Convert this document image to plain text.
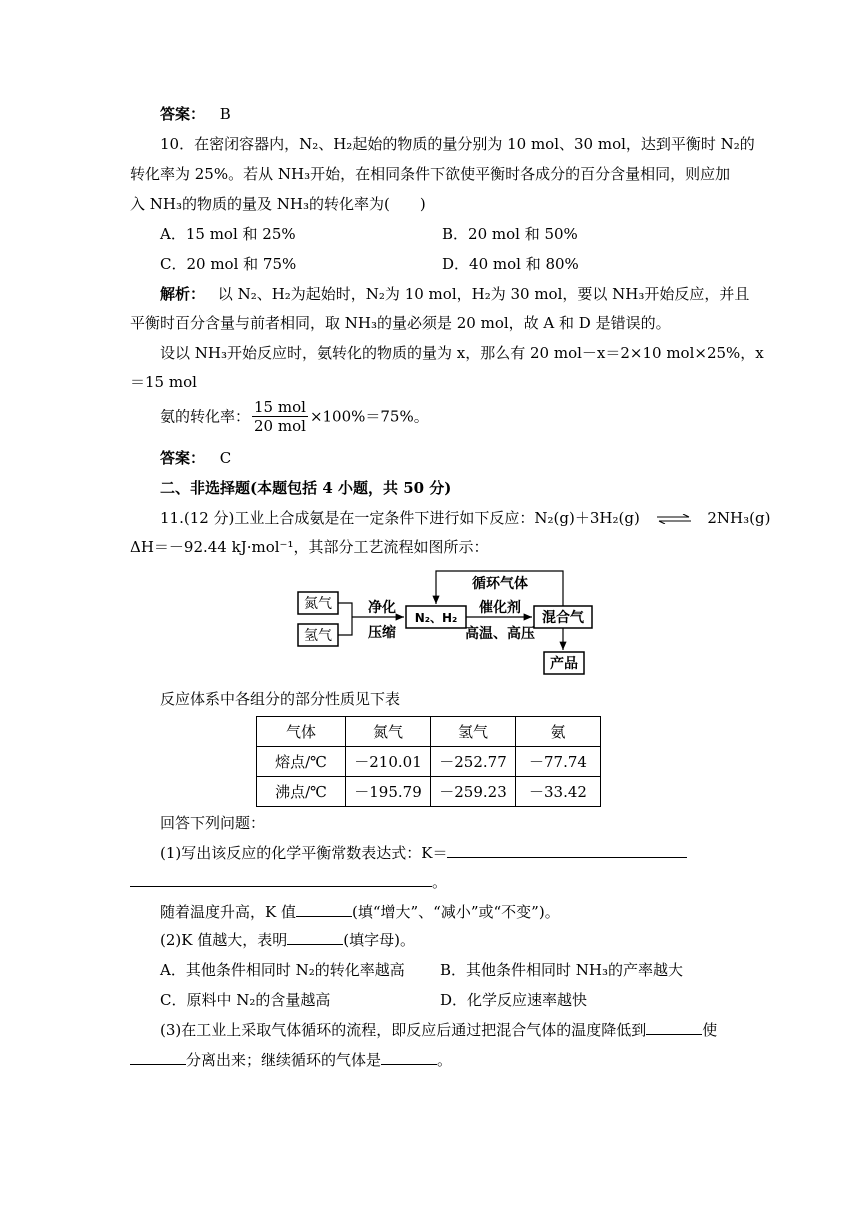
答案： B
10．在密闭容器内，N₂、H₂起始的物质的量分别为 10 mol、30 mol，达到平衡时 N₂的
转化率为 25%。若从 NH₃开始，在相同条件下欲使平衡时各成分的百分含量相同，则应加
入 NH₃的物质的量及 NH₃的转化率为(　　)
A．15 mol 和 25%	B．20 mol 和 50%
C．20 mol 和 75%	D．40 mol 和 80%
解析： 以 N₂、H₂为起始时，N₂为 10 mol，H₂为 30 mol，要以 NH₃开始反应，并且
平衡时百分含量与前者相同，取 NH₃的量必须是 20 mol，故 A 和 D 是错误的。
设以 NH₃开始反应时，氨转化的物质的量为 x，那么有 20 mol－x＝2×10 mol×25%，x
＝15 mol
氨的转化率： $\frac{\text{15 mol}}{\text{20 mol}} \times 100\%=75\%$。
答案： C
二、非选择题(本题包括 4 小题，共 50 分)
11.(12 分)工业上合成氨是在一定条件下进行如下反应：N₂(g)＋3H₂(g) ⇌ 2NH₃(g)
ΔH＝－92.44 kJ·mol⁻¹，其部分工艺流程如图所示：
氮气
氢气
净化
压缩
N₂、H₂
循环气体
催化剂
高温、高压
混合气
产品
反应体系中各组分的部分性质见下表
气体	氮气	氢气	氨
熔点/℃	－210.01	－252.77	－77.74
沸点/℃	－195.79	－259.23	－33.42
回答下列问题：
(1)写出该反应的化学平衡常数表达式：K＝
。
随着温度升高，K 值	(填“增大”、“减小”或“不变”)。
(2)K 值越大，表明	(填字母)。
A．其他条件相同时 N₂的转化率越高 B．其他条件相同时 NH₃的产率越大
C．原料中 N₂的含量越高	D．化学反应速率越快
(3)在工业上采取气体循环的流程，即反应后通过把混合气体的温度降低到	使
分离出来；继续循环的气体是	。
